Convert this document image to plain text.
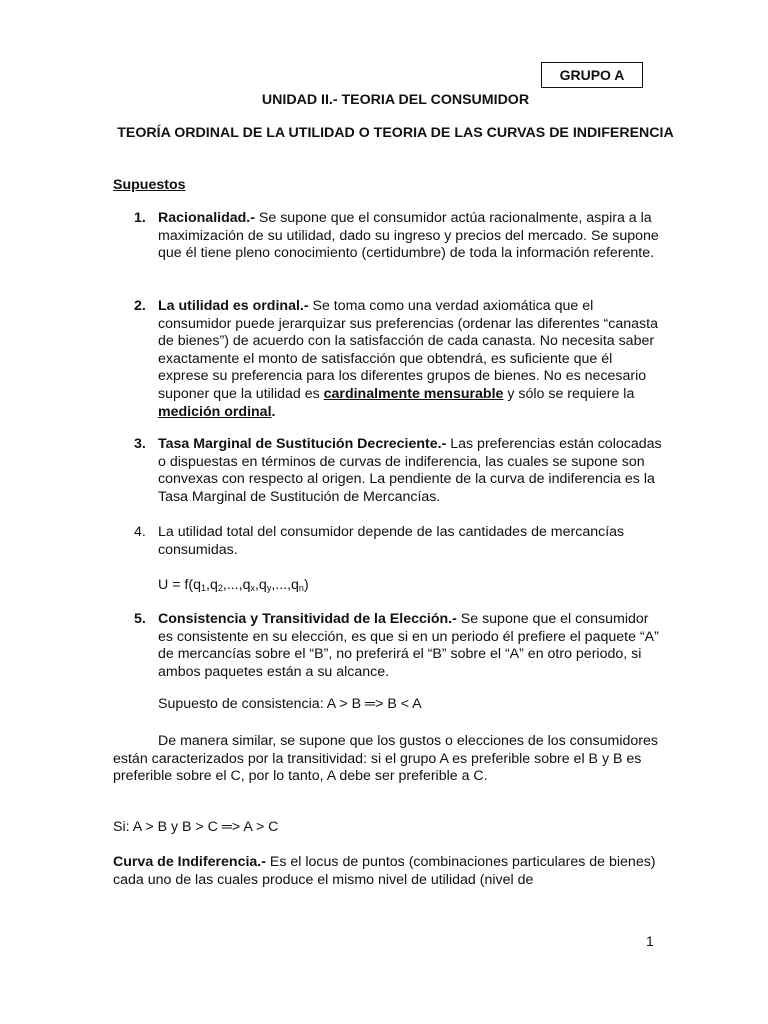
GRUPO A
UNIDAD II.- TEORIA DEL CONSUMIDOR
TEORÍA ORDINAL DE LA UTILIDAD O TEORIA DE LAS CURVAS DE INDIFERENCIA
Supuestos
1. Racionalidad.- Se supone que el consumidor actúa racionalmente, aspira a la maximización de su utilidad, dado su ingreso y precios del mercado. Se supone que él tiene pleno conocimiento (certidumbre) de toda la información referente.
2. La utilidad es ordinal.- Se toma como una verdad axiomática que el consumidor puede jerarquizar sus preferencias (ordenar las diferentes “canasta de bienes”) de acuerdo con la satisfacción de cada canasta. No necesita saber exactamente el monto de satisfacción que obtendrá, es suficiente que él exprese su preferencia para los diferentes grupos de bienes. No es necesario suponer que la utilidad es cardinalmente mensurable y sólo se requiere la medición ordinal.
3. Tasa Marginal de Sustitución Decreciente.- Las preferencias están colocadas o dispuestas en términos de curvas de indiferencia, las cuales se supone son convexas con respecto al origen. La pendiente de la curva de indiferencia es la Tasa Marginal de Sustitución de Mercancías.
4. La utilidad total del consumidor depende de las cantidades de mercancías consumidas.
$U = f(q_1,q_2,...,q_x,q_y,...,q_n)$
5. Consistencia y Transitividad de la Elección.- Se supone que el consumidor es consistente en su elección, es que si en un periodo él prefiere el paquete “A” de mercancías sobre el “B”, no preferirá el “B” sobre el “A” en otro periodo, si ambos paquetes están a su alcance.
Supuesto de consistencia: A > B ═> B < A
De manera similar, se supone que los gustos o elecciones de los consumidores están caracterizados por la transitividad: si el grupo A es preferible sobre el B y B es preferible sobre el C, por lo tanto, A debe ser preferible a C.
Si: A > B y B > C ═> A > C
Curva de Indiferencia.- Es el locus de puntos (combinaciones particulares de bienes) cada uno de las cuales produce el mismo nivel de utilidad (nivel de
1
